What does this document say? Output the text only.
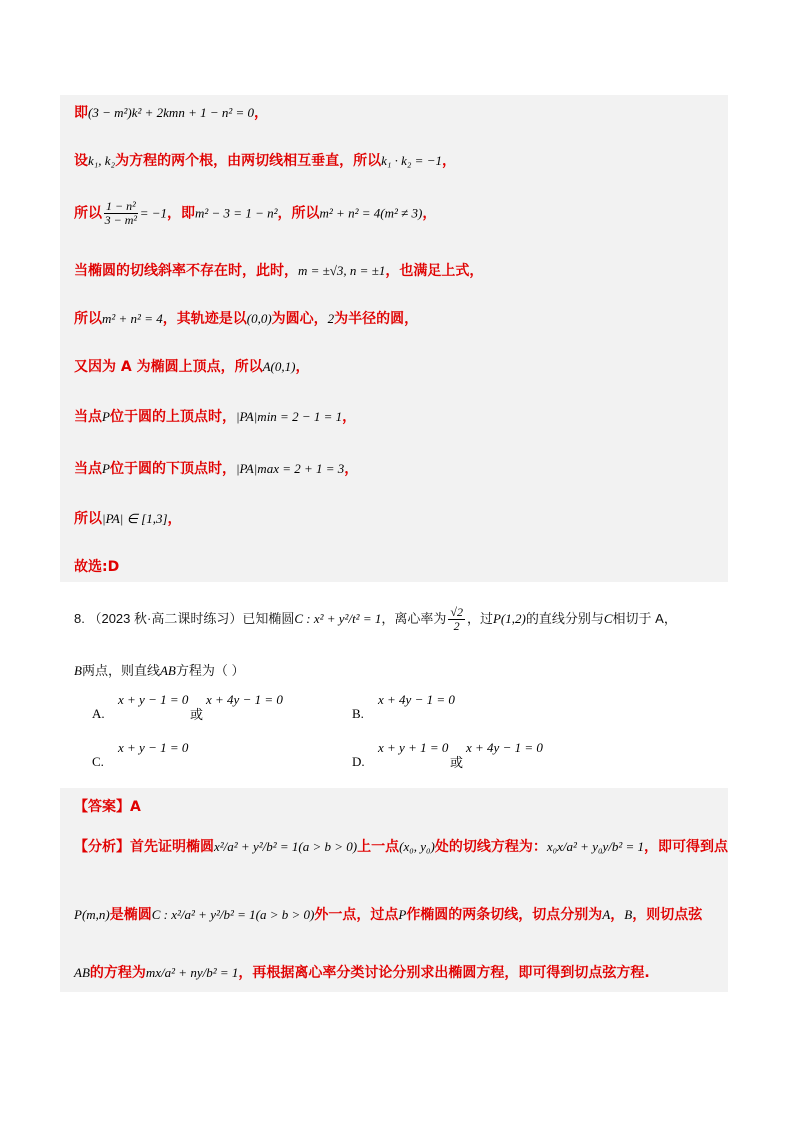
即(3 − m²)k² + 2kmn + 1 − n² = 0，
设k₁, k₂为方程的两个根，由两切线相互垂直，所以k₁ · k₂ = −1，
所以 $\frac{\text{1 − n²}}{\text{3 − m²}} = -1$，即m² − 3 = 1 − n²，所以m² + n² = 4(m² ≠ 3)，
当椭圆的切线斜率不存在时，此时，m = ±√3, n = ±1，也满足上式，
所以m² + n² = 4，其轨迹是以(0,0)为圆心，2为半径的圆，
又因为 A 为椭圆上顶点，所以A(0,1)，
当点P位于圆的上顶点时，|PA|min = 2 − 1 = 1，
当点P位于圆的下顶点时，|PA|max = 2 + 1 = 3，
所以|PA| ∈ [1,3]，
故选:D
8. （2023 秋·高二课时练习）已知椭圆C : x² + y²/t² = 1，离心率为 $\frac{√2}{2}$ ，过P(1,2)的直线分别与C相切于 A，
B两点，则直线AB方程为（ ）
A.
x + y − 1 = 0
或
x + 4y − 1 = 0
B.
x + 4y − 1 = 0
C.
x + y − 1 = 0
D.
x + y + 1 = 0
或
x + 4y − 1 = 0
【答案】A
【分析】首先证明椭圆x²/a² + y²/b² = 1(a > b > 0)上一点(x₀, y₀)处的切线方程为：x₀x/a² + y₀y/b² = 1，即可得到点
P(m,n)是椭圆C : x²/a² + y²/b² = 1(a > b > 0)外一点，过点P作椭圆的两条切线，切点分别为A，B，则切点弦
AB的方程为mx/a² + ny/b² = 1，再根据离心率分类讨论分别求出椭圆方程，即可得到切点弦方程.
